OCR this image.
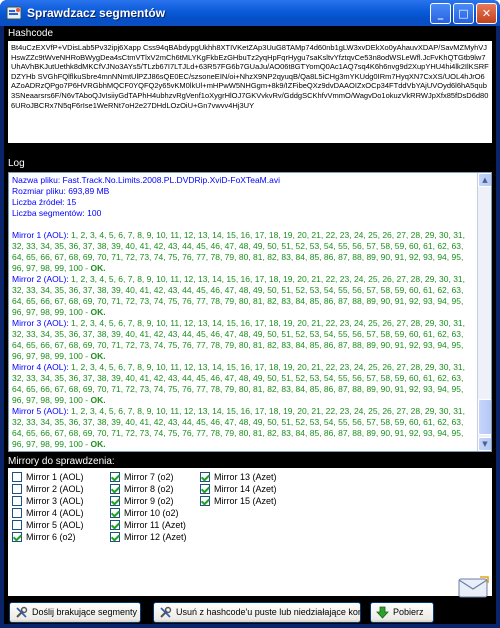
Sprawdzacz segmentów	_	□	✕
Hashcode
Bt4uCzEXVfP+VDisLab5Pv32ipj6Xapp Css94qBAbdypgUkhh8XTIVKetZAp3UuG8TAMp74d60nb1gLW3xvDEkXo0yAhauvXDAP/SavMZMyhVJHswZZc9tWveNHRoBWygDea4sCtmVTlxV2mCh6tMLYKgFkbEzGHbuTz2yqHpFqrHygu7saKsltvYfztqvCe53n8odWSLeWfl.JcFvKhQTGtb9lw7UhAVhBKJutUethk8dMKCfVJNo3AYs5/TLzb67I7LTJLd+63R57FG6b7GUaJu/AO06t8GTYomQ0Ac1AQ7sq4K6h6nvg9d2XupYHU4hi4lk2IlKSRFDZYHb SVGhFQlflkuSbre4mnNNmtUlPZJ86sQE0EC/szsoneEIN/oi+NhzX9NP2qyuqB/Qa8L5iCHg3mYKUdg0IRm7HyqXN7CxXS/UOL4hJrO6AZoADRzQPgo7P6HVRGbhMQCF0YQFQ2y65vKM0lkUl+mHPwW5NHGgm+8k9/IZFibeQXz9dvDAAOIZxOCp34FTddVbYAjUVOyd6l6hA5qub3SNeaarsrs6F/N6vTAboQJvIsiiyGdTAPhH4ubhzvRgVenf1oXygrHlOJ7GKVvkvRv/GddgSCKhfvVmmO/WagvDo1okuzVkRRWJpXfx85fDsD6d806URoJBCRx7N5qF6rIse1WeRNt7oH2e27DHdLOzOiU+Gn7vwvv4Hj3UY
Log
Nazwa pliku: Fast.Track.No.Limits.2008.PL.DVDRip.XviD-FoXTeaM.avi
Rozmiar pliku: 693,89 MB
Liczba źródeł: 15
Liczba segmentów: 100
Mirror 1 (AOL): 1, 2, 3, 4, 5, 6, 7, 8, 9, 10, 11, 12, 13, 14, 15, 16, 17, 18, 19, 20, 21, 22, 23, 24, 25, 26, 27, 28, 29, 30, 31, 32, 33, 34, 35, 36, 37, 38, 39, 40, 41, 42, 43, 44, 45, 46, 47, 48, 49, 50, 51, 52, 53, 54, 55, 56, 57, 58, 59, 60, 61, 62, 63, 64, 65, 66, 67, 68, 69, 70, 71, 72, 73, 74, 75, 76, 77, 78, 79, 80, 81, 82, 83, 84, 85, 86, 87, 88, 89, 90, 91, 92, 93, 94, 95, 96, 97, 98, 99, 100 - OK.
Mirror 2 (AOL): 1, 2, 3, 4, 5, 6, 7, 8, 9, 10, 11, 12, 13, 14, 15, 16, 17, 18, 19, 20, 21, 22, 23, 24, 25, 26, 27, 28, 29, 30, 31, 32, 33, 34, 35, 36, 37, 38, 39, 40, 41, 42, 43, 44, 45, 46, 47, 48, 49, 50, 51, 52, 53, 54, 55, 56, 57, 58, 59, 60, 61, 62, 63, 64, 65, 66, 67, 68, 69, 70, 71, 72, 73, 74, 75, 76, 77, 78, 79, 80, 81, 82, 83, 84, 85, 86, 87, 88, 89, 90, 91, 92, 93, 94, 95, 96, 97, 98, 99, 100 - OK.
Mirror 3 (AOL): 1, 2, 3, 4, 5, 6, 7, 8, 9, 10, 11, 12, 13, 14, 15, 16, 17, 18, 19, 20, 21, 22, 23, 24, 25, 26, 27, 28, 29, 30, 31, 32, 33, 34, 35, 36, 37, 38, 39, 40, 41, 42, 43, 44, 45, 46, 47, 48, 49, 50, 51, 52, 53, 54, 55, 56, 57, 58, 59, 60, 61, 62, 63, 64, 65, 66, 67, 68, 69, 70, 71, 72, 73, 74, 75, 76, 77, 78, 79, 80, 81, 82, 83, 84, 85, 86, 87, 88, 89, 90, 91, 92, 93, 94, 95, 96, 97, 98, 99, 100 - OK.
Mirror 4 (AOL): 1, 2, 3, 4, 5, 6, 7, 8, 9, 10, 11, 12, 13, 14, 15, 16, 17, 18, 19, 20, 21, 22, 23, 24, 25, 26, 27, 28, 29, 30, 31, 32, 33, 34, 35, 36, 37, 38, 39, 40, 41, 42, 43, 44, 45, 46, 47, 48, 49, 50, 51, 52, 53, 54, 55, 56, 57, 58, 59, 60, 61, 62, 63, 64, 65, 66, 67, 68, 69, 70, 71, 72, 73, 74, 75, 76, 77, 78, 79, 80, 81, 82, 83, 84, 85, 86, 87, 88, 89, 90, 91, 92, 93, 94, 95, 96, 97, 98, 99, 100 - OK.
Mirror 5 (AOL): 1, 2, 3, 4, 5, 6, 7, 8, 9, 10, 11, 12, 13, 14, 15, 16, 17, 18, 19, 20, 21, 22, 23, 24, 25, 26, 27, 28, 29, 30, 31, 32, 33, 34, 35, 36, 37, 38, 39, 40, 41, 42, 43, 44, 45, 46, 47, 48, 49, 50, 51, 52, 53, 54, 55, 56, 57, 58, 59, 60, 61, 62, 63, 64, 65, 66, 67, 68, 69, 70, 71, 72, 73, 74, 75, 76, 77, 78, 79, 80, 81, 82, 83, 84, 85, 86, 87, 88, 89, 90, 91, 92, 93, 94, 95, 96, 97, 98, 99, 100 - OK.
▲
▼
Mirrory do sprawdzenia:
Mirror 1 (AOL)
Mirror 2 (AOL)
Mirror 3 (AOL)
Mirror 4 (AOL)
Mirror 5 (AOL)
Mirror 6 (o2)
Mirror 7 (o2)
Mirror 8 (o2)
Mirror 9 (o2)
Mirror 10 (o2)
Mirror 11 (Azet)
Mirror 12 (Azet)
Mirror 13 (Azet)
Mirror 14 (Azet)
Mirror 15 (Azet)
Doślij brakujące segmenty	Usuń z hashcode'u puste lub niedziałające konta	Pobierz
